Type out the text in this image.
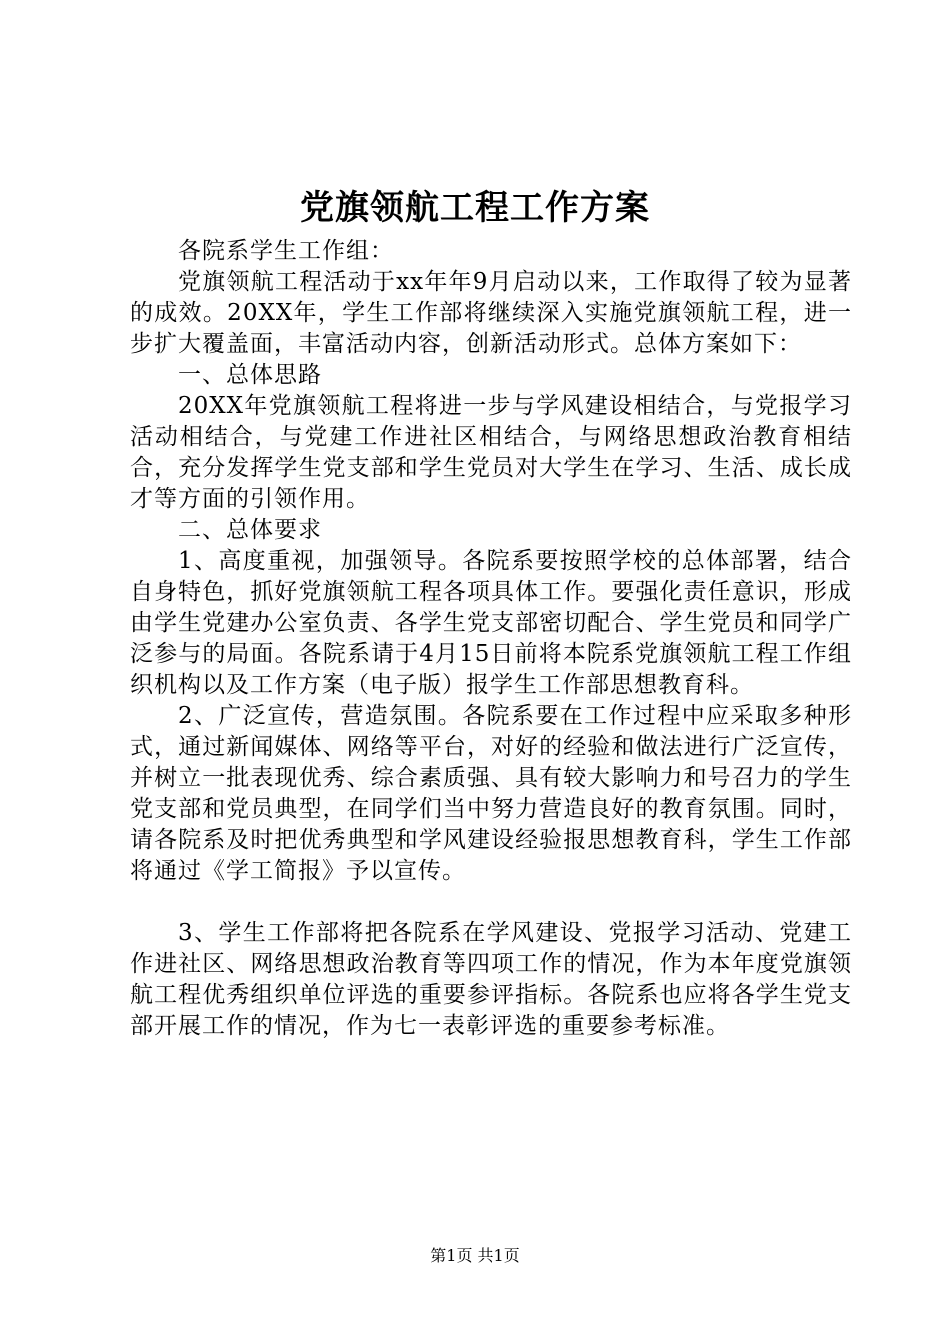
党旗领航工程工作方案

各院系学生工作组：

党旗领航工程活动于xx年年9月启动以来，工作取得了较为显著的成效。20XX年，学生工作部将继续深入实施党旗领航工程，进一步扩大覆盖面，丰富活动内容，创新活动形式。总体方案如下：

一、总体思路

20XX年党旗领航工程将进一步与学风建设相结合，与党报学习活动相结合，与党建工作进社区相结合，与网络思想政治教育相结合，充分发挥学生党支部和学生党员对大学生在学习、生活、成长成才等方面的引领作用。

二、总体要求

1、高度重视，加强领导。各院系要按照学校的总体部署，结合自身特色，抓好党旗领航工程各项具体工作。要强化责任意识，形成由学生党建办公室负责、各学生党支部密切配合、学生党员和同学广泛参与的局面。各院系请于4月15日前将本院系党旗领航工程工作组织机构以及工作方案（电子版）报学生工作部思想教育科。

2、广泛宣传，营造氛围。各院系要在工作过程中应采取多种形式，通过新闻媒体、网络等平台，对好的经验和做法进行广泛宣传，并树立一批表现优秀、综合素质强、具有较大影响力和号召力的学生党支部和党员典型，在同学们当中努力营造良好的教育氛围。同时，请各院系及时把优秀典型和学风建设经验报思想教育科，学生工作部将通过《学工简报》予以宣传。

3、学生工作部将把各院系在学风建设、党报学习活动、党建工作进社区、网络思想政治教育等四项工作的情况，作为本年度党旗领航工程优秀组织单位评选的重要参评指标。各院系也应将各学生党支部开展工作的情况，作为七一表彰评选的重要参考标准。

第1页 共1页
